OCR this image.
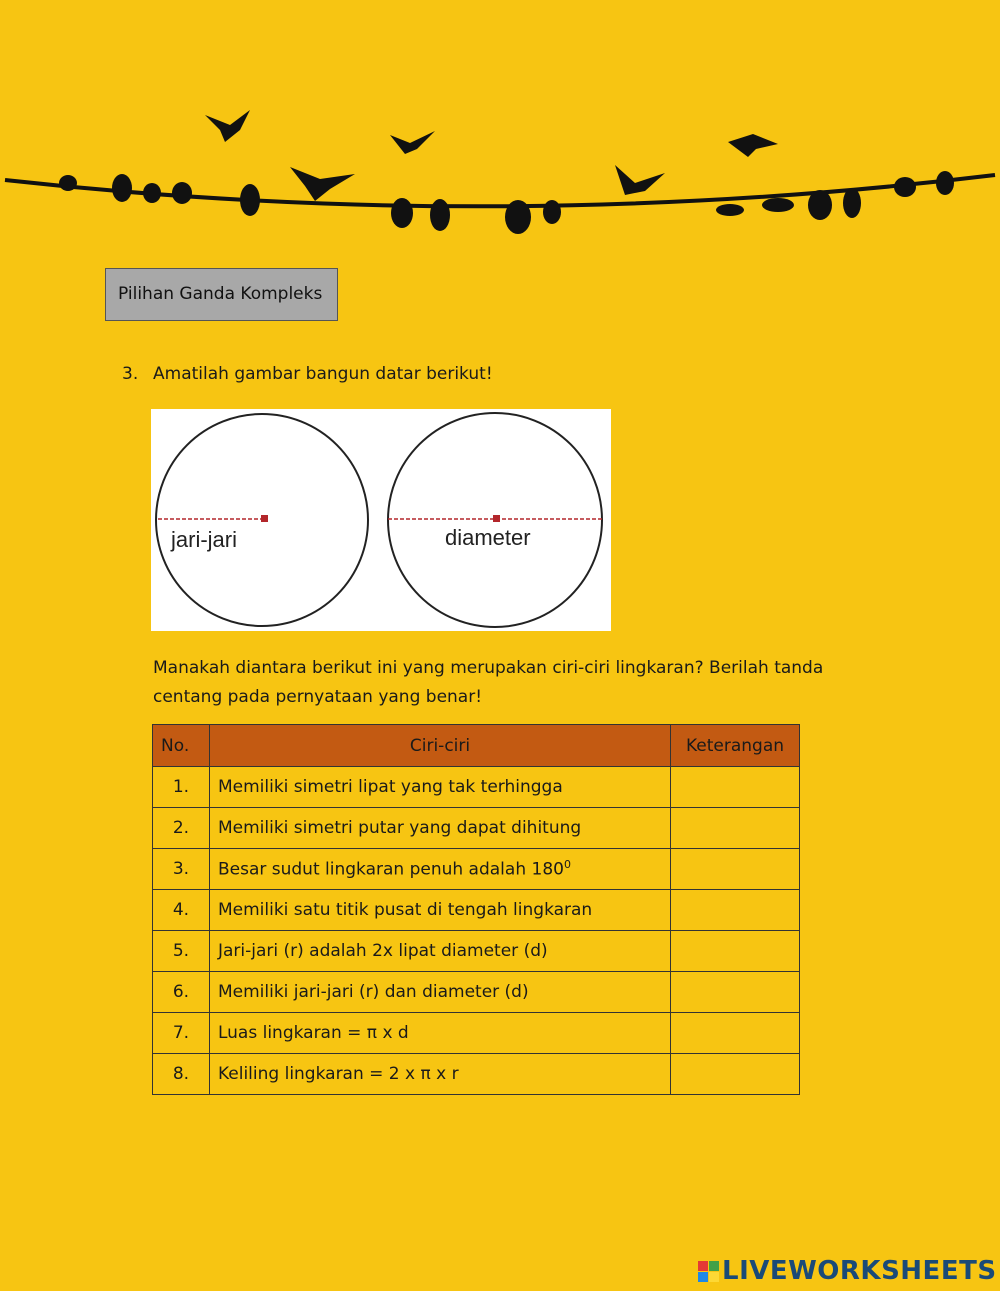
Pilihan Ganda Kompleks
3. Amatilah gambar bangun datar berikut!
jari-jari	diameter
Manakah diantara berikut ini yang merupakan ciri-ciri lingkaran? Berilah tanda centang pada pernyataan yang benar!
No.	Ciri-ciri	Keterangan
1.	Memiliki simetri lipat yang tak terhingga	
2.	Memiliki simetri putar yang dapat dihitung	
3.	Besar sudut lingkaran penuh adalah $180^0$	
4.	Memiliki satu titik pusat di tengah lingkaran	
5.	Jari-jari (r) adalah 2x lipat diameter (d)	
6.	Memiliki jari-jari (r) dan diameter (d)	
7.	Luas lingkaran = π x d	
8.	Keliling lingkaran = 2 x π x r	
LIVEWORKSHEETS
